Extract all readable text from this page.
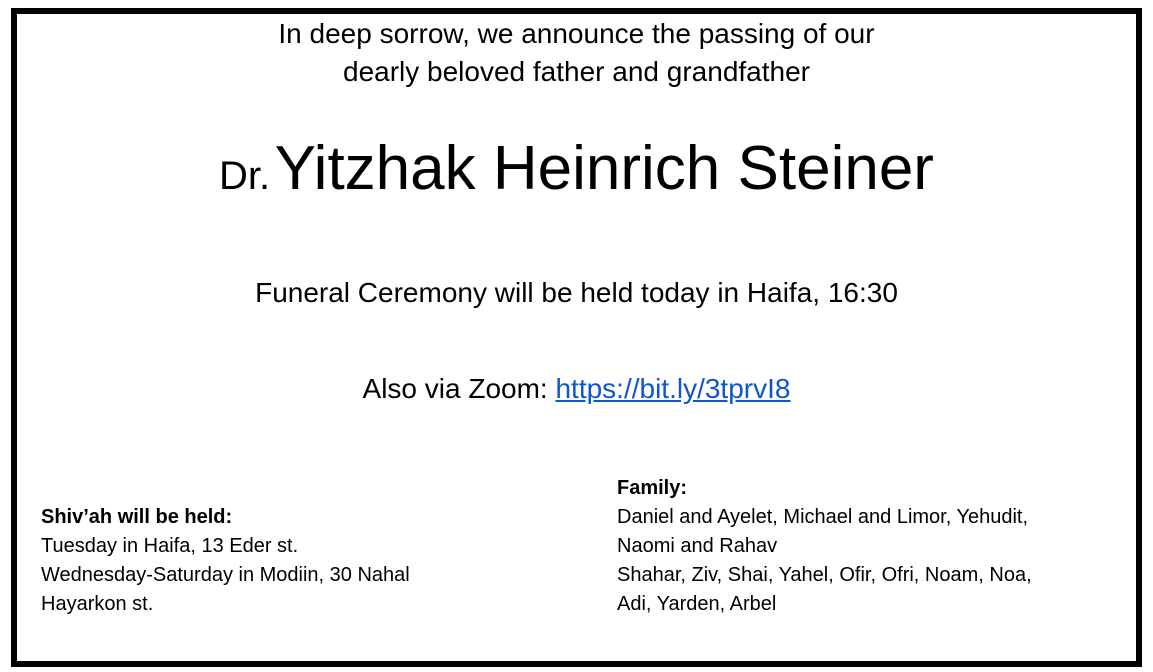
In deep sorrow, we announce the passing of our
dearly beloved father and grandfather
Dr. Yitzhak Heinrich Steiner
Funeral Ceremony will be held today in Haifa, 16:30
Also via Zoom: https://bit.ly/3tprvI8
Shiv’ah will be held:
Tuesday in Haifa, 13 Eder st.
Wednesday-Saturday in Modiin, 30 Nahal
Hayarkon st.
Family:
Daniel and Ayelet, Michael and Limor, Yehudit,
Naomi and Rahav
Shahar, Ziv, Shai, Yahel, Ofir, Ofri, Noam, Noa,
Adi, Yarden, Arbel
